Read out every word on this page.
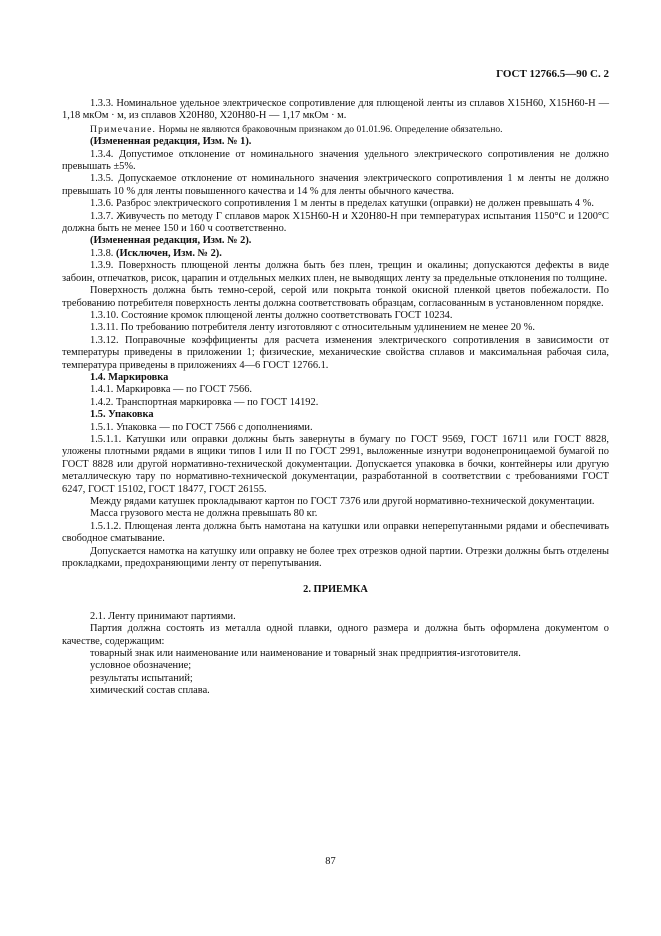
ГОСТ 12766.5—90 С. 2

1.3.3. Номинальное удельное электрическое сопротивление для плющеной ленты из сплавов Х15Н60, Х15Н60-Н — 1,18 мкОм · м, из сплавов Х20Н80, Х20Н80-Н — 1,17 мкОм · м.

Примечание. Нормы не являются браковочным признаком до 01.01.96. Определение обязательно.

(Измененная редакция, Изм. № 1).

1.3.4. Допустимое отклонение от номинального значения удельного электрического сопротивления не должно превышать ±5%.

1.3.5. Допускаемое отклонение от номинального значения электрического сопротивления 1 м ленты не должно превышать 10 % для ленты повышенного качества и 14 % для ленты обычного качества.

1.3.6. Разброс электрического сопротивления 1 м ленты в пределах катушки (оправки) не должен превышать 4 %.

1.3.7. Живучесть по методу Г сплавов марок Х15Н60-Н и Х20Н80-Н при температурах испытания 1150°С и 1200°С должна быть не менее 150 и 160 ч соответственно.

(Измененная редакция, Изм. № 2).

1.3.8. (Исключен, Изм. № 2).

1.3.9. Поверхность плющеной ленты должна быть без плен, трещин и окалины; допускаются дефекты в виде забоин, отпечатков, рисок, царапин и отдельных мелких плен, не выводящих ленту за предельные отклонения по толщине.

Поверхность должна быть темно-серой, серой или покрыта тонкой окисной пленкой цветов побежалости. По требованию потребителя поверхность ленты должна соответствовать образцам, согласованным в установленном порядке.

1.3.10. Состояние кромок плющеной ленты должно соответствовать ГОСТ 10234.

1.3.11. По требованию потребителя ленту изготовляют с относительным удлинением не менее 20 %.

1.3.12. Поправочные коэффициенты для расчета изменения электрического сопротивления в зависимости от температуры приведены в приложении 1; физические, механические свойства сплавов и максимальная рабочая сила, температура приведены в приложениях 4—6 ГОСТ 12766.1.

1.4. Маркировка

1.4.1. Маркировка — по ГОСТ 7566.

1.4.2. Транспортная маркировка — по ГОСТ 14192.

1.5. Упаковка

1.5.1. Упаковка — по ГОСТ 7566 с дополнениями.

1.5.1.1. Катушки или оправки должны быть завернуты в бумагу по ГОСТ 9569, ГОСТ 16711 или ГОСТ 8828, уложены плотными рядами в ящики типов I или II по ГОСТ 2991, выложенные изнутри водонепроницаемой бумагой по ГОСТ 8828 или другой нормативно-технической документации. Допускается упаковка в бочки, контейнеры или другую металлическую тару по нормативно-технической документации, разработанной в соответствии с требованиями ГОСТ 6247, ГОСТ 15102, ГОСТ 18477, ГОСТ 26155.

Между рядами катушек прокладывают картон по ГОСТ 7376 или другой нормативно-технической документации.

Масса грузового места не должна превышать 80 кг.

1.5.1.2. Плющеная лента должна быть намотана на катушки или оправки неперепутанными рядами и обеспечивать свободное сматывание.

Допускается намотка на катушку или оправку не более трех отрезков одной партии. Отрезки должны быть отделены прокладками, предохраняющими ленту от перепутывания.

2. ПРИЕМКА

2.1. Ленту принимают партиями.

Партия должна состоять из металла одной плавки, одного размера и должна быть оформлена документом о качестве, содержащим:

товарный знак или наименование или наименование и товарный знак предприятия-изготовителя.

условное обозначение;

результаты испытаний;

химический состав сплава.

87
